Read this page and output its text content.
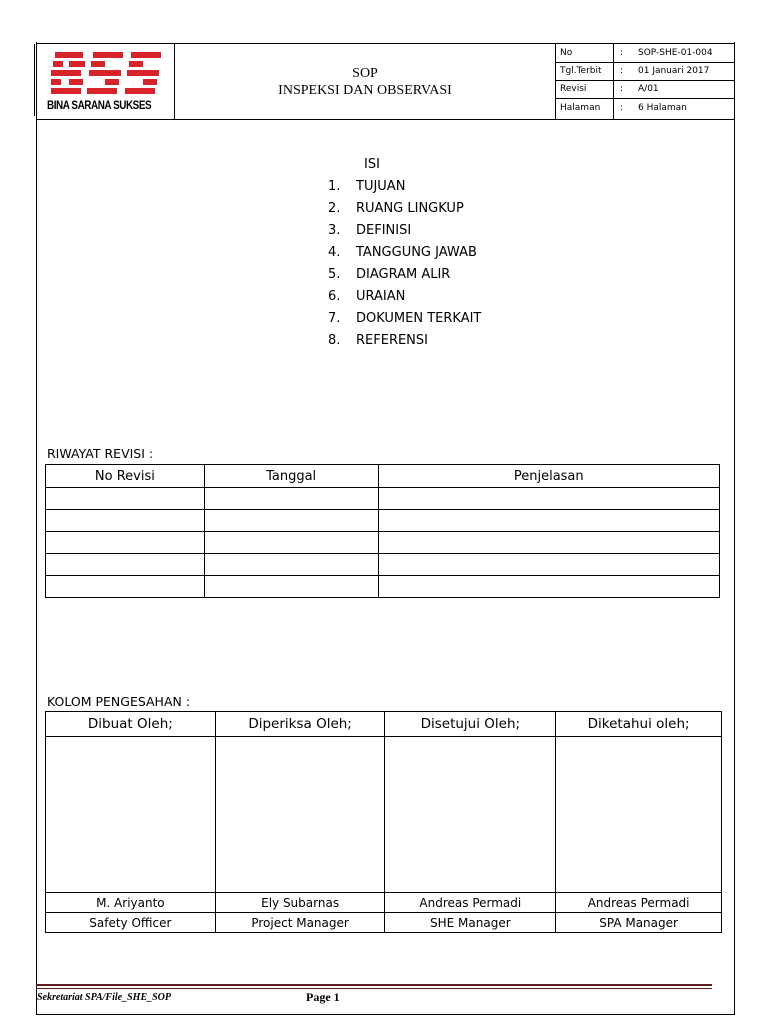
BINA SARANA SUKSES
SOP
INSPEKSI DAN OBSERVASI
No	: SOP-SHE-01-004
Tgl.Terbit : 01 Januari 2017
Revisi	: A/01
Halaman : 6 Halaman
ISI
1. TUJUAN
2. RUANG LINGKUP
3. DEFINISI
4. TANGGUNG JAWAB
5. DIAGRAM ALIR
6. URAIAN
7. DOKUMEN TERKAIT
8. REFERENSI
RIWAYAT REVISI :
No Revisi	Tanggal	Penjelasan

KOLOM PENGESAHAN :
Dibuat Oleh;	Diperiksa Oleh;	Disetujui Oleh;	Diketahui oleh;

M. Ariyanto	Ely Subarnas	Andreas Permadi	Andreas Permadi
Safety Officer	Project Manager	SHE Manager	SPA Manager
Sekretariat SPA/File_SHE_SOP	Page 1
